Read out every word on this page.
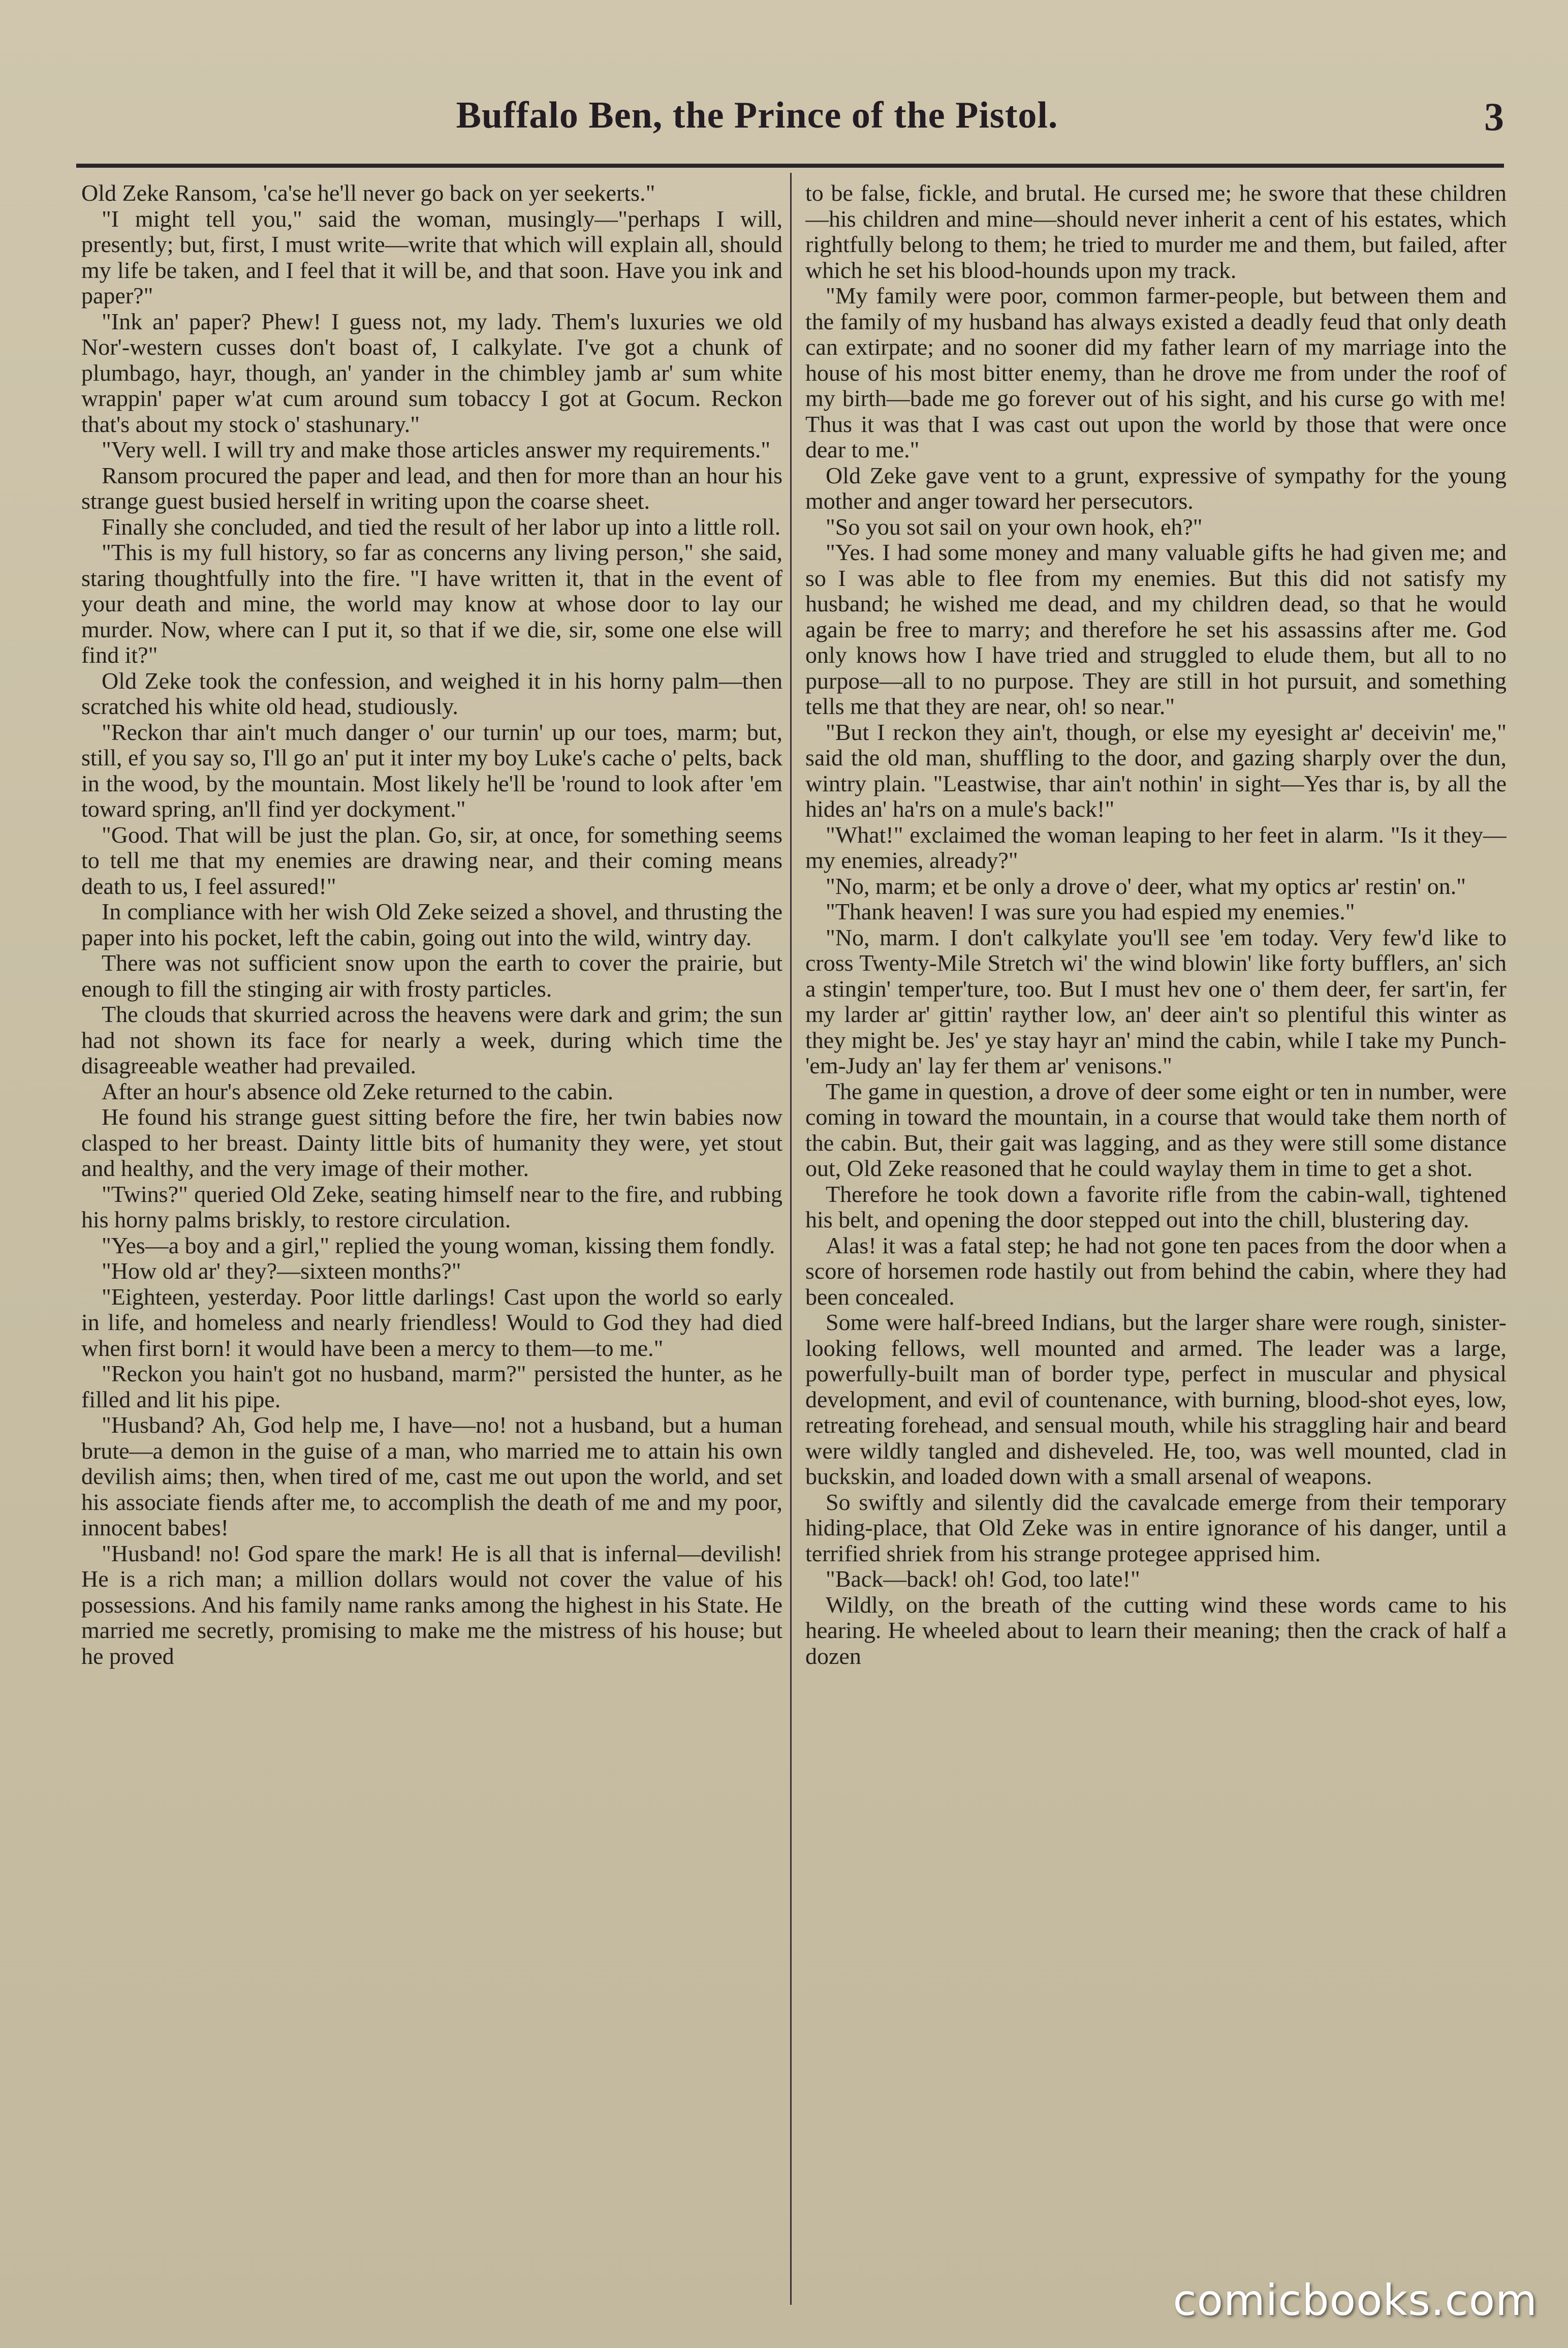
Buffalo Ben, the Prince of the Pistol.	3

Old Zeke Ransom, 'ca'se he'll never go back on yer seekerts."

"I might tell you," said the woman, musingly—"perhaps I will, presently; but, first, I must write—write that which will explain all, should my life be taken, and I feel that it will be, and that soon. Have you ink and paper?"

"Ink an' paper? Phew! I guess not, my lady. Them's luxuries we old Nor'-western cusses don't boast of, I calkylate. I've got a chunk of plumbago, hayr, though, an' yander in the chimbley jamb ar' sum white wrappin' paper w'at cum around sum tobaccy I got at Gocum. Reckon that's about my stock o' stashunary."

"Very well. I will try and make those articles answer my requirements."

Ransom procured the paper and lead, and then for more than an hour his strange guest busied herself in writing upon the coarse sheet.

Finally she concluded, and tied the result of her labor up into a little roll.

"This is my full history, so far as concerns any living person," she said, staring thoughtfully into the fire. "I have written it, that in the event of your death and mine, the world may know at whose door to lay our murder. Now, where can I put it, so that if we die, sir, some one else will find it?"

Old Zeke took the confession, and weighed it in his horny palm—then scratched his white old head, studiously.

"Reckon thar ain't much danger o' our turnin' up our toes, marm; but, still, ef you say so, I'll go an' put it inter my boy Luke's cache o' pelts, back in the wood, by the mountain. Most likely he'll be 'round to look after 'em toward spring, an'll find yer dockyment."

"Good. That will be just the plan. Go, sir, at once, for something seems to tell me that my enemies are drawing near, and their coming means death to us, I feel assured!"

In compliance with her wish Old Zeke seized a shovel, and thrusting the paper into his pocket, left the cabin, going out into the wild, wintry day.

There was not sufficient snow upon the earth to cover the prairie, but enough to fill the stinging air with frosty particles.

The clouds that skurried across the heavens were dark and grim; the sun had not shown its face for nearly a week, during which time the disagreeable weather had prevailed.

After an hour's absence old Zeke returned to the cabin.

He found his strange guest sitting before the fire, her twin babies now clasped to her breast. Dainty little bits of humanity they were, yet stout and healthy, and the very image of their mother.

"Twins?" queried Old Zeke, seating himself near to the fire, and rubbing his horny palms briskly, to restore circulation.

"Yes—a boy and a girl," replied the young woman, kissing them fondly.

"How old ar' they?—sixteen months?"

"Eighteen, yesterday. Poor little darlings! Cast upon the world so early in life, and homeless and nearly friendless! Would to God they had died when first born! it would have been a mercy to them—to me."

"Reckon you hain't got no husband, marm?" persisted the hunter, as he filled and lit his pipe.

"Husband? Ah, God help me, I have—no! not a husband, but a human brute—a demon in the guise of a man, who married me to attain his own devilish aims; then, when tired of me, cast me out upon the world, and set his associate fiends after me, to accomplish the death of me and my poor, innocent babes!

"Husband! no! God spare the mark! He is all that is infernal—devilish! He is a rich man; a million dollars would not cover the value of his possessions. And his family name ranks among the highest in his State. He married me secretly, promising to make me the mistress of his house; but he proved

to be false, fickle, and brutal. He cursed me; he swore that these children—his children and mine—should never inherit a cent of his estates, which rightfully belong to them; he tried to murder me and them, but failed, after which he set his blood-hounds upon my track.

"My family were poor, common farmer-people, but between them and the family of my husband has always existed a deadly feud that only death can extirpate; and no sooner did my father learn of my marriage into the house of his most bitter enemy, than he drove me from under the roof of my birth—bade me go forever out of his sight, and his curse go with me! Thus it was that I was cast out upon the world by those that were once dear to me."

Old Zeke gave vent to a grunt, expressive of sympathy for the young mother and anger toward her persecutors.

"So you sot sail on your own hook, eh?"

"Yes. I had some money and many valuable gifts he had given me; and so I was able to flee from my enemies. But this did not satisfy my husband; he wished me dead, and my children dead, so that he would again be free to marry; and therefore he set his assassins after me. God only knows how I have tried and struggled to elude them, but all to no purpose—all to no purpose. They are still in hot pursuit, and something tells me that they are near, oh! so near."

"But I reckon they ain't, though, or else my eyesight ar' deceivin' me," said the old man, shuffling to the door, and gazing sharply over the dun, wintry plain. "Leastwise, thar ain't nothin' in sight—Yes thar is, by all the hides an' ha'rs on a mule's back!"

"What!" exclaimed the woman leaping to her feet in alarm. "Is it they—my enemies, already?"

"No, marm; et be only a drove o' deer, what my optics ar' restin' on."

"Thank heaven! I was sure you had espied my enemies."

"No, marm. I don't calkylate you'll see 'em today. Very few'd like to cross Twenty-Mile Stretch wi' the wind blowin' like forty bufflers, an' sich a stingin' temper'ture, too. But I must hev one o' them deer, fer sart'in, fer my larder ar' gittin' rayther low, an' deer ain't so plentiful this winter as they might be. Jes' ye stay hayr an' mind the cabin, while I take my Punch-'em-Judy an' lay fer them ar' venisons."

The game in question, a drove of deer some eight or ten in number, were coming in toward the mountain, in a course that would take them north of the cabin. But, their gait was lagging, and as they were still some distance out, Old Zeke reasoned that he could waylay them in time to get a shot.

Therefore he took down a favorite rifle from the cabin-wall, tightened his belt, and opening the door stepped out into the chill, blustering day.

Alas! it was a fatal step; he had not gone ten paces from the door when a score of horsemen rode hastily out from behind the cabin, where they had been concealed.

Some were half-breed Indians, but the larger share were rough, sinister-looking fellows, well mounted and armed. The leader was a large, powerfully-built man of border type, perfect in muscular and physical development, and evil of countenance, with burning, blood-shot eyes, low, retreating forehead, and sensual mouth, while his straggling hair and beard were wildly tangled and disheveled. He, too, was well mounted, clad in buckskin, and loaded down with a small arsenal of weapons.

So swiftly and silently did the cavalcade emerge from their temporary hiding-place, that Old Zeke was in entire ignorance of his danger, until a terrified shriek from his strange protegee apprised him.

"Back—back! oh! God, too late!"

Wildly, on the breath of the cutting wind these words came to his hearing. He wheeled about to learn their meaning; then the crack of half a dozen

comicbooks.com
